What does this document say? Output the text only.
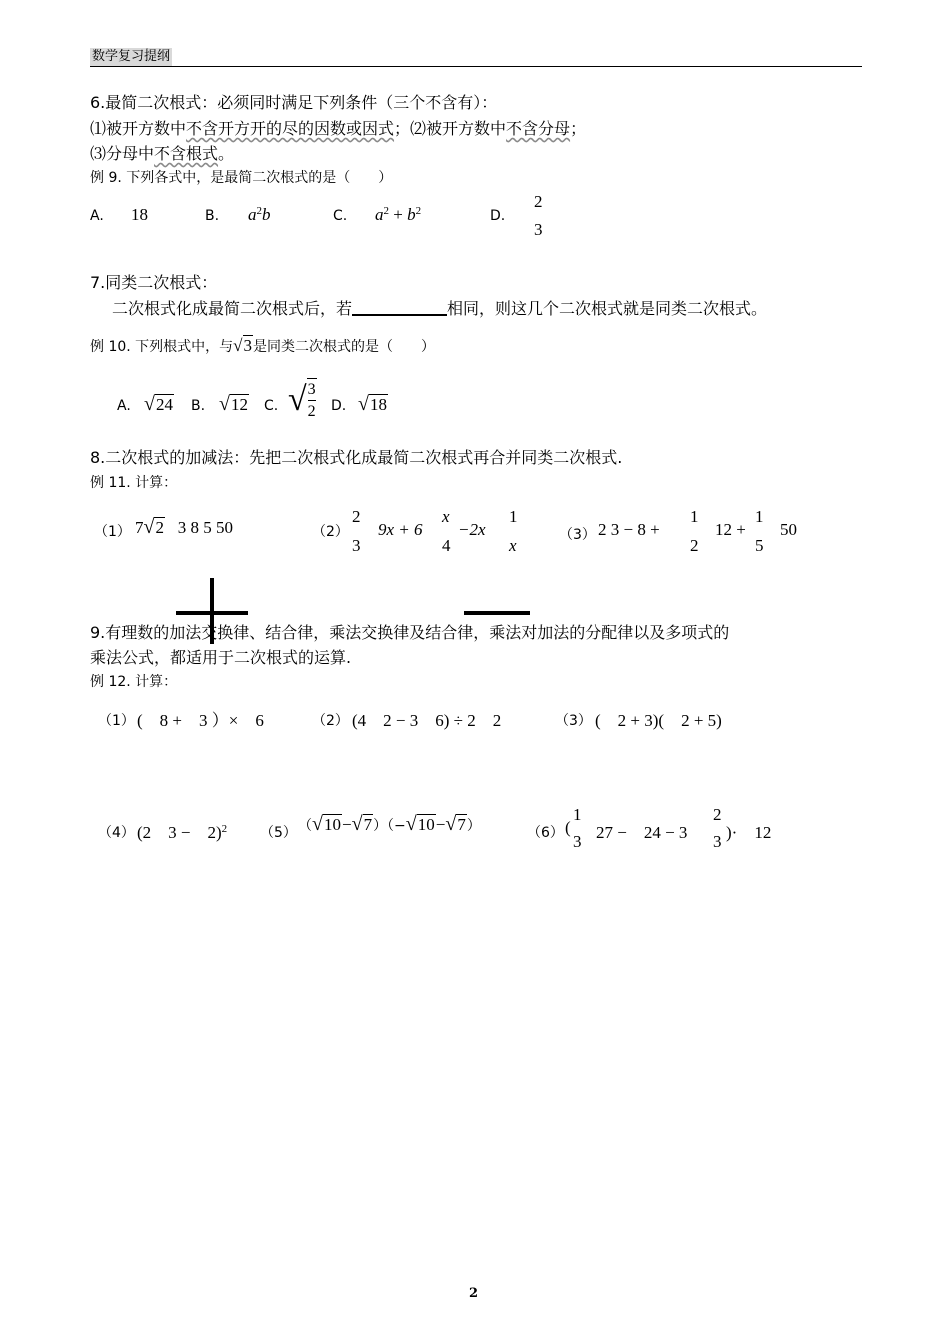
数学复习提纲
6.最简二次根式：必须同时满足下列条件（三个不含有）：
⑴被开方数中不含开方开的尽的因数或因式；⑵被开方数中不含分母；
⑶分母中不含根式。
例 9. 下列各式中，是最简二次根式的是（　　）
A. 18	B. $a^2b$	C. $a^2 + b^2$	D.
2
3
7.同类二次根式：
二次根式化成最简二次根式后，若	相同，则这几个二次根式就是同类二次根式。
例 10. 下列根式中，与√3是同类二次根式的是（　　）
A. √24 B. √12 C. √ $\frac{3}{2} D$. √18
8.二次根式的加减法：先把二次根式化成最简二次根式再合并同类二次根式.
例 11. 计算：
（1） 7√2 3 8 5 50	（2）
2
3
9x + 6
x
4
−2x
1
x
（3） 2 3 − 8 +
1
2
12 +
1
5
50
9.有理数的加法交换律、结合律，乘法交换律及结合律，乘法对加法的分配律以及多项式的
乘法公式，都适用于二次根式的运算.
例 12. 计算：
（1） (　8 +　3 ）×　6	（2） (4　2 − 3　6) ÷ 2　2	（3） (　2 + 3)(　2 + 5)
（4） (2　3 −　2)$^2$ （5） （√10−√7）（−√10−√7）	（6） (
1
3 27 −　24 − 3
2
3 )·　12
2
